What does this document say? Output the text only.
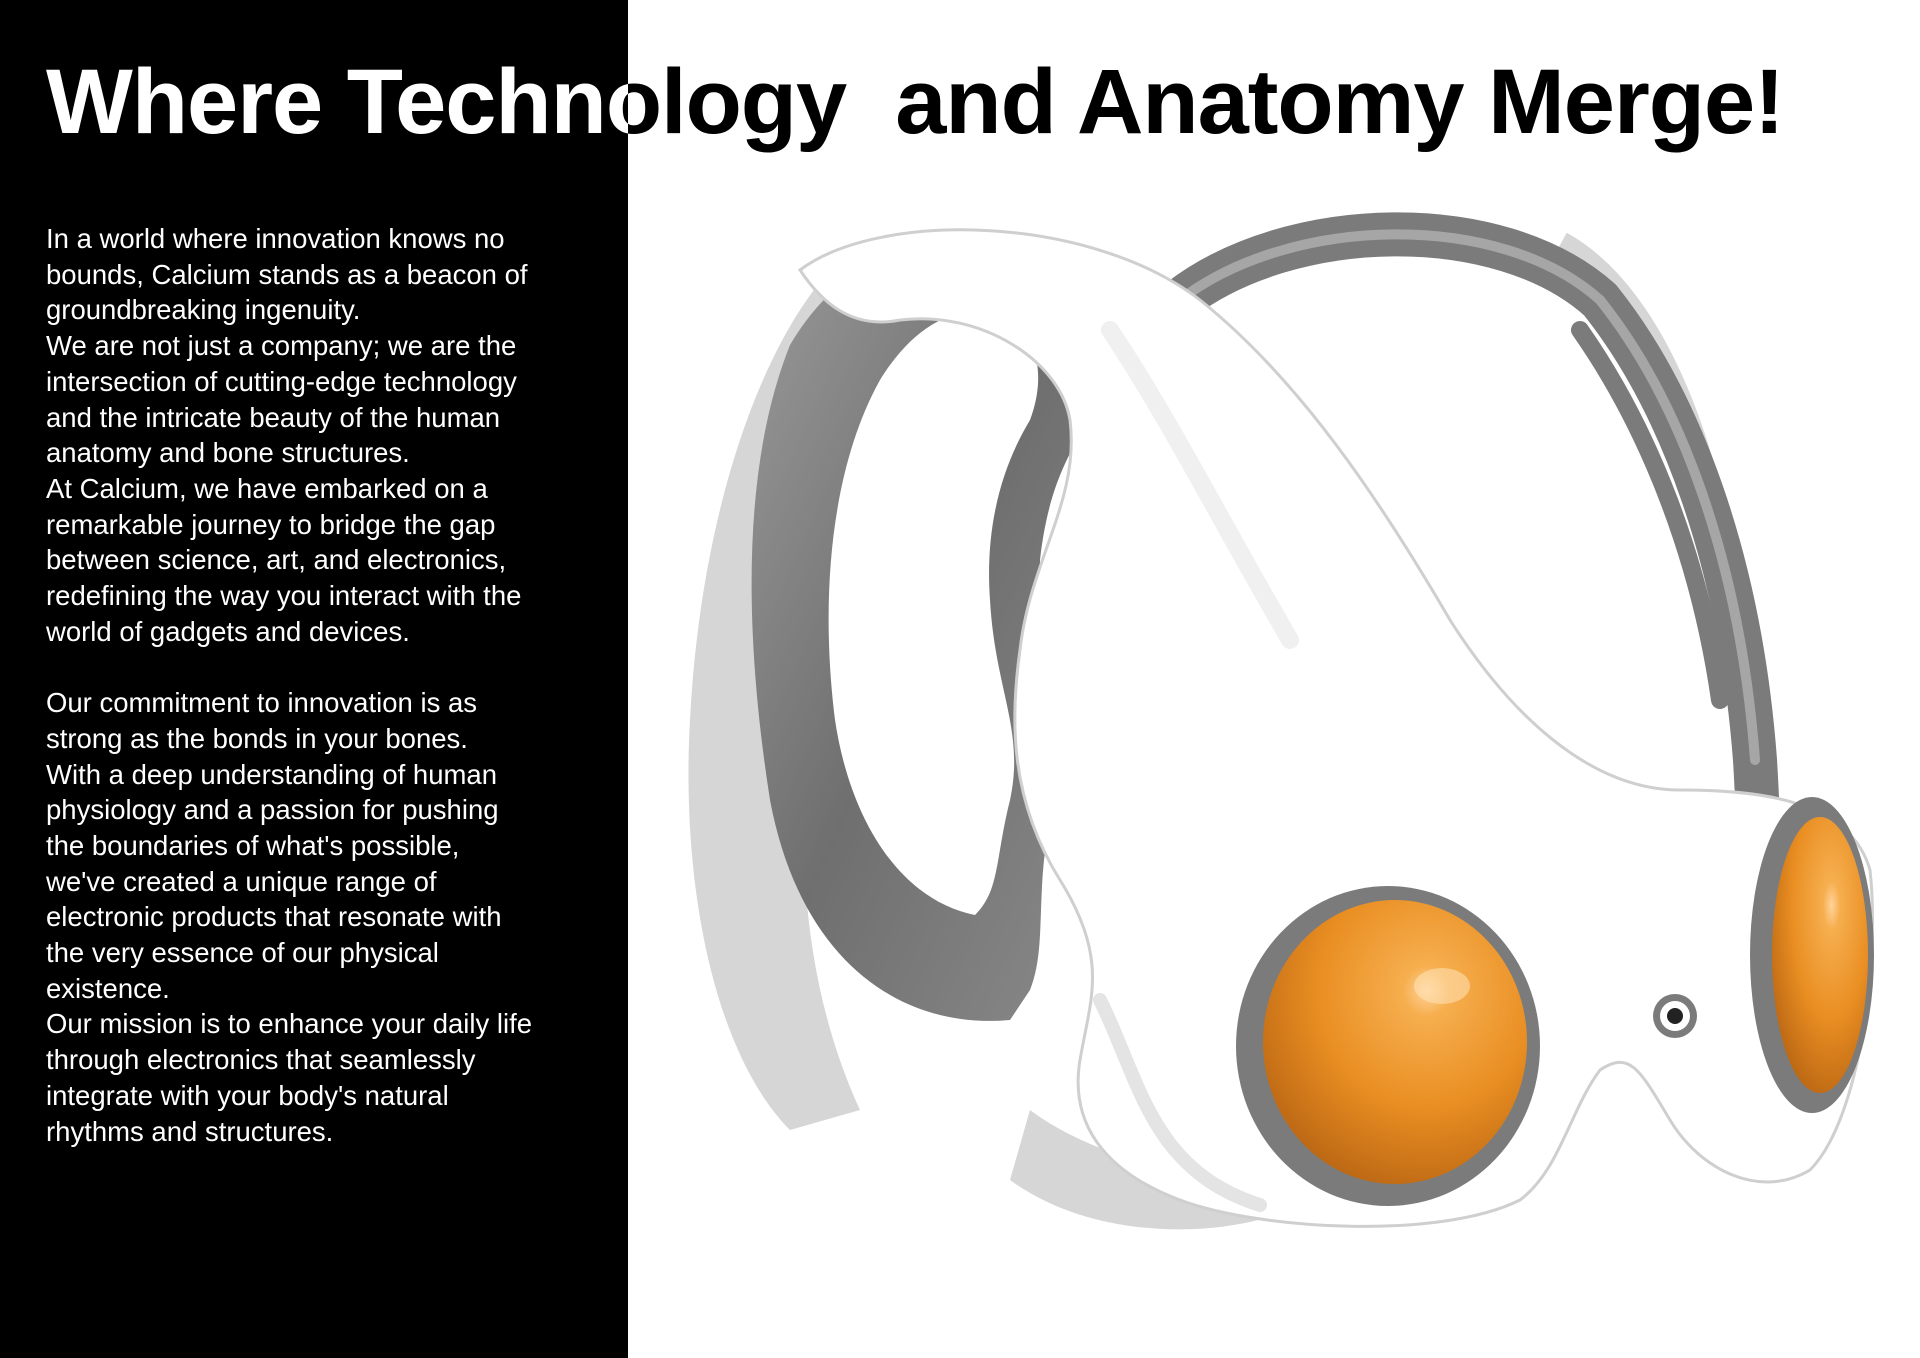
Where Technology  and Anatomy Merge!

In a world where innovation knows no

bounds, Calcium stands as a beacon of

groundbreaking ingenuity.

We are not just a company; we are the

intersection of cutting-edge technology

and the intricate beauty of the human

anatomy and bone structures.

At Calcium, we have embarked on a

remarkable journey to bridge the gap

between science, art, and electronics,

redefining the way you interact with the

world of gadgets and devices.

Our commitment to innovation is as

strong as the bonds in your bones.

With a deep understanding of human

physiology and a passion for pushing

the boundaries of what's possible,

we've created a unique range of

electronic products that resonate with

the very essence of our physical

existence.

Our mission is to enhance your daily life

through electronics that seamlessly

integrate with your body's natural

rhythms and structures.
